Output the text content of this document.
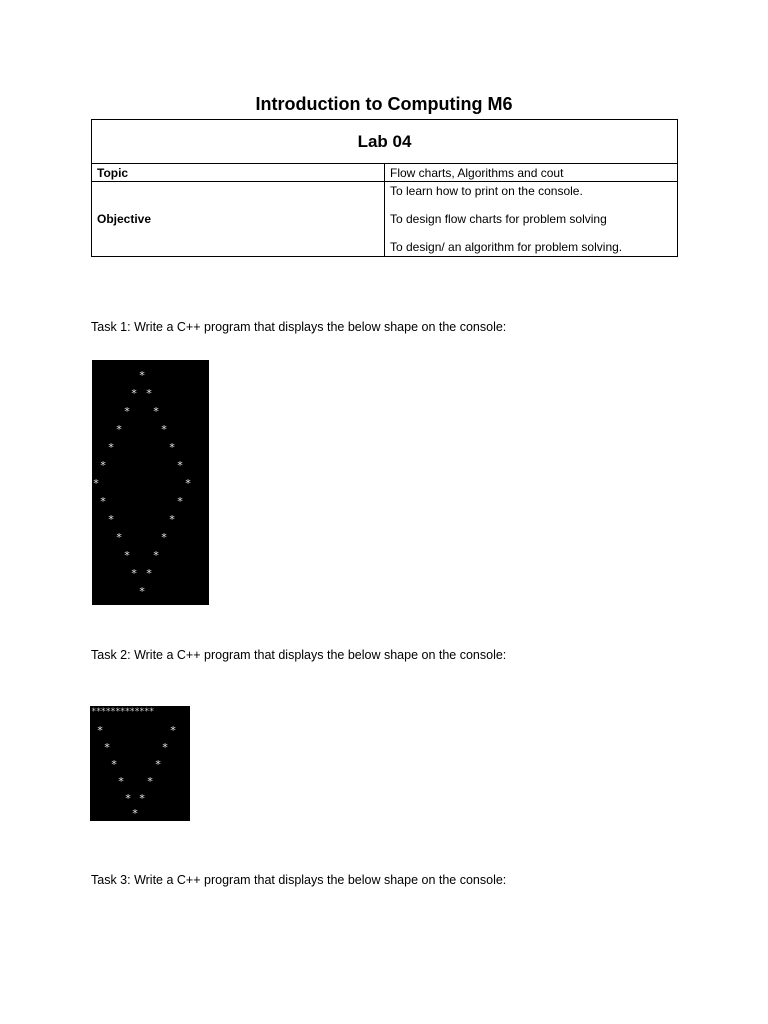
Introduction to Computing M6
Lab 04	
Topic	Flow charts, Algorithms and cout
Objective	To learn how to print on the console.
To design flow charts for problem solving
To design/ an algorithm for problem solving.
Task 1: Write a C++ program that displays the below shape on the console:
*
* *
* *
*	*
*	*
*	*
*	*
*	*
*	*
*	*
* *
* *
*
Task 2: Write a C++ program that displays the below shape on the console:
*************
*	*
*	*
*	*
* *
* *
*
Task 3: Write a C++ program that displays the below shape on the console:
